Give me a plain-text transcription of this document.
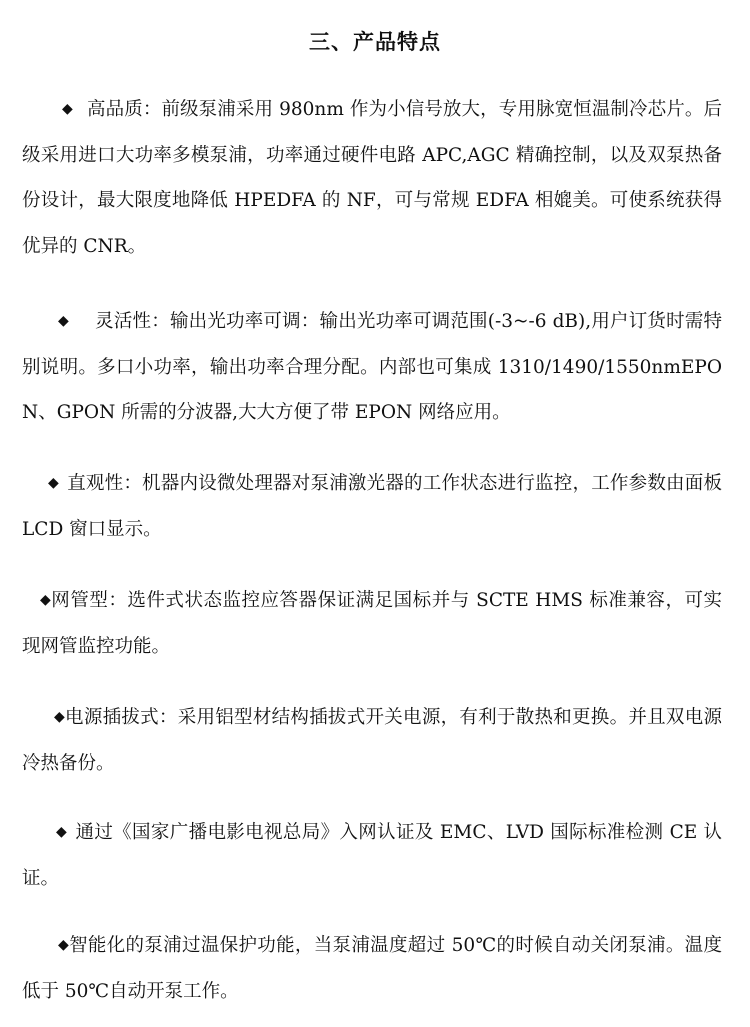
三、产品特点

◆ 高品质：前级泵浦采用 980nm 作为小信号放大，专用脉宽恒温制冷芯片。后级采用进口大功率多模泵浦，功率通过硬件电路 APC,AGC 精确控制，以及双泵热备份设计，最大限度地降低 HPEDFA 的 NF，可与常规 EDFA 相媲美。可使系统获得优异的 CNR。

◆ 灵活性：输出光功率可调：输出光功率可调范围(-3~-6 dB),用户订货时需特别说明。多口小功率，输出功率合理分配。内部也可集成 1310/1490/1550nmEPON、GPON 所需的分波器,大大方便了带 EPON 网络应用。

◆ 直观性：机器内设微处理器对泵浦激光器的工作状态进行监控，工作参数由面板 LCD 窗口显示。

◆网管型：选件式状态监控应答器保证满足国标并与 SCTE HMS 标准兼容，可实现网管监控功能。

◆电源插拔式：采用铝型材结构插拔式开关电源，有利于散热和更换。并且双电源冷热备份。

◆ 通过《国家广播电影电视总局》入网认证及 EMC、LVD 国际标准检测 CE 认证。

◆智能化的泵浦过温保护功能，当泵浦温度超过 50℃的时候自动关闭泵浦。温度低于 50℃自动开泵工作。
